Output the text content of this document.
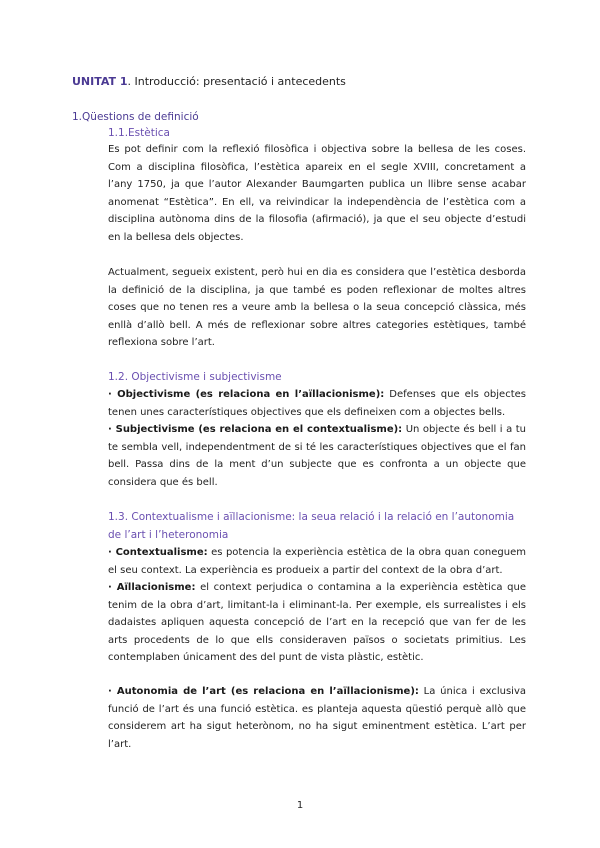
UNITAT 1. Introducció: presentació i antecedents
1.Qüestions de definició
1.1.Estètica

Es pot definir com la reflexió filosòfica i objectiva sobre la bellesa de les coses. Com a disciplina filosòfica, l’estètica apareix en el segle XVIII, concretament a l’any 1750, ja que l’autor Alexander Baumgarten publica un llibre sense acabar anomenat “Estètica”. En ell, va reivindicar la independència de l’estètica com a disciplina autònoma dins de la filosofia (afirmació), ja que el seu objecte d’estudi en la bellesa dels objectes.

Actualment, segueix existent, però hui en dia es considera que l’estètica desborda la definició de la disciplina, ja que també es poden reflexionar de moltes altres coses que no tenen res a veure amb la bellesa o la seua concepció clàssica, més enllà d’allò bell. A més de reflexionar sobre altres categories estètiques, també reflexiona sobre l’art.

1.2. Objectivisme i subjectivisme

· Objectivisme (es relaciona en l’aïllacionisme): Defenses que els objectes tenen unes característiques objectives que els defineixen com a objectes bells.

· Subjectivisme (es relaciona en el contextualisme): Un objecte és bell i a tu te sembla vell, independentment de si té les característiques objectives que el fan bell. Passa dins de la ment d’un subjecte que es confronta a un objecte que considera que és bell.

1.3. Contextualisme i aïllacionisme: la seua relació i la relació en l’autonomia de l’art i l’heteronomia

· Contextualisme: es potencia la experiència estètica de la obra quan coneguem el seu context. La experiència es produeix a partir del context de la obra d’art.

· Aïllacionisme: el context perjudica o contamina a la experiència estètica que tenim de la obra d’art, limitant-la i eliminant-la. Per exemple, els surrealistes i els dadaistes apliquen aquesta concepció de l’art en la recepció que van fer de les arts procedents de lo que ells consideraven països o societats primitius. Les contemplaben únicament des del punt de vista plàstic, estètic.

· Autonomia de l’art (es relaciona en l’aïllacionisme): La única i exclusiva funció de l’art és una funció estètica. es planteja aquesta qüestió perquè allò que considerem art ha sigut heterònom, no ha sigut eminentment estètica. L’art per l’art.

1
